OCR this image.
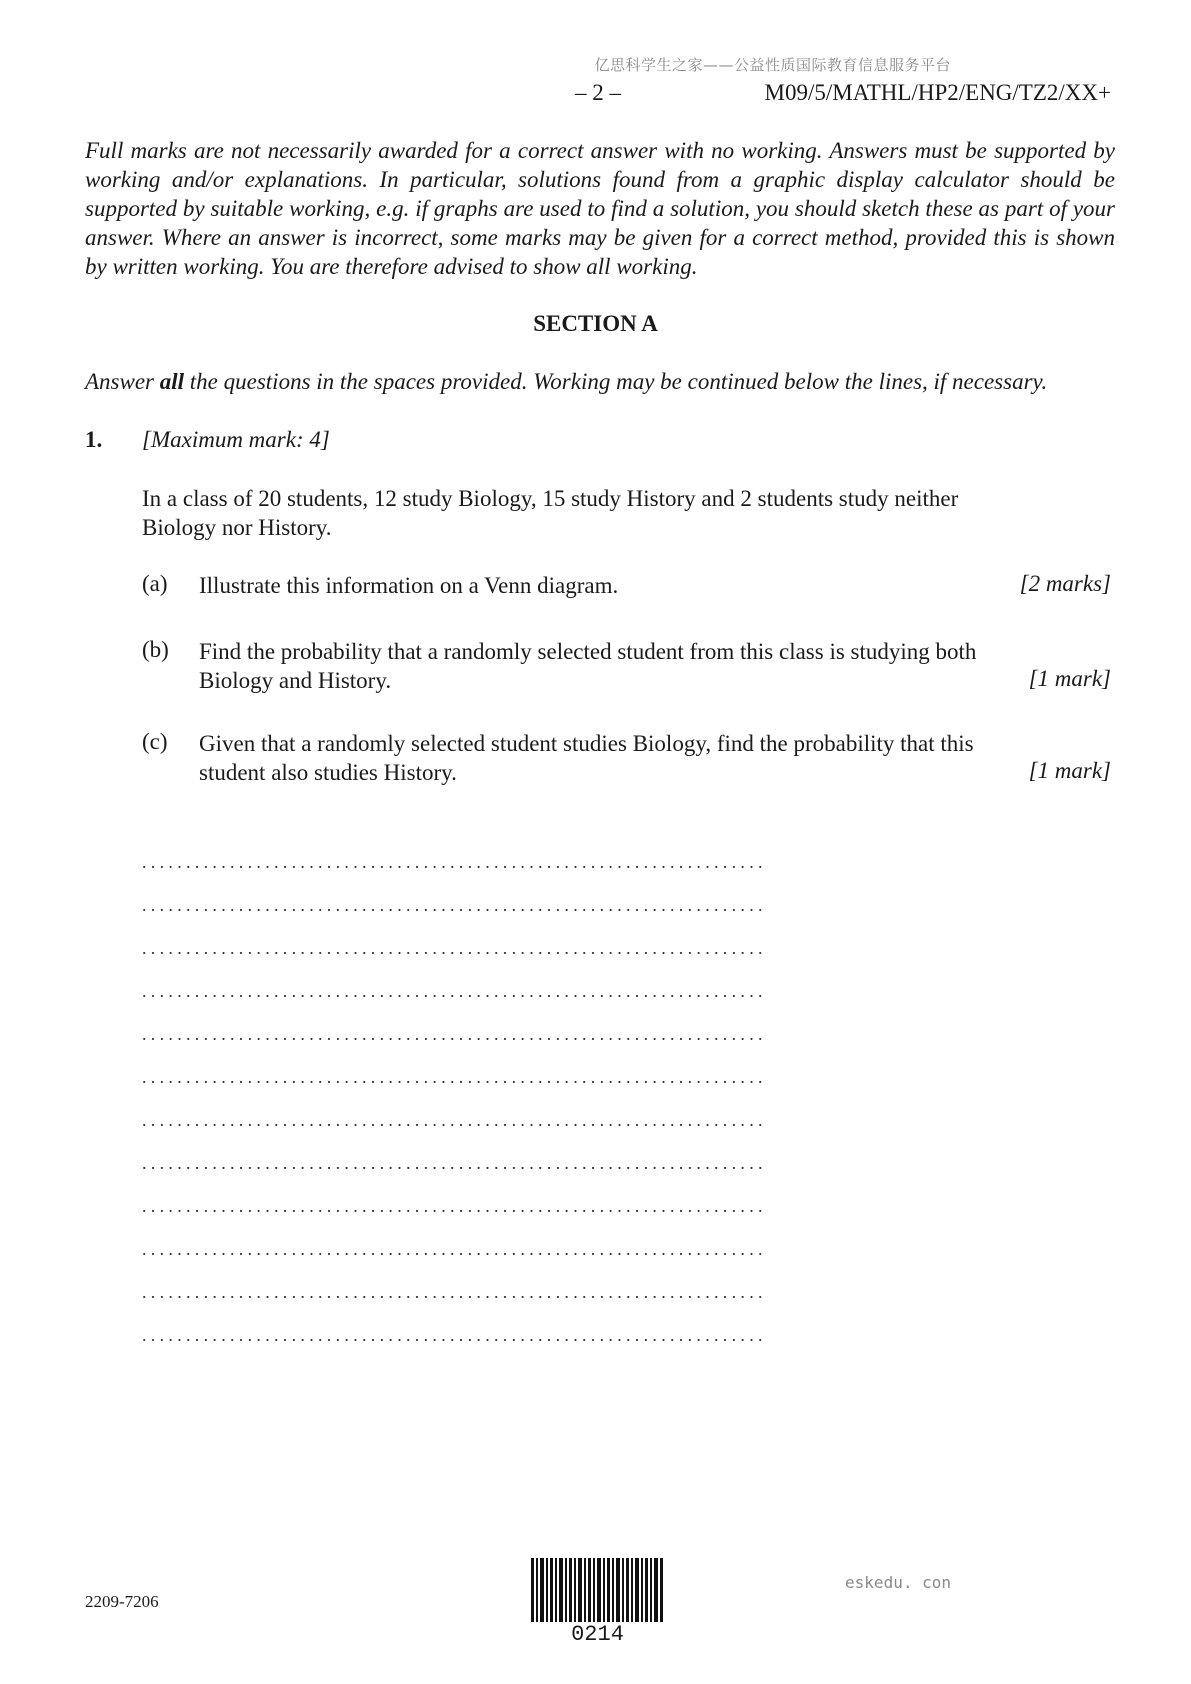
亿思科学生之家——公益性质国际教育信息服务平台
– 2 –	M09/5/MATHL/HP2/ENG/TZ2/XX+
Full marks are not necessarily awarded for a correct answer with no working. Answers must be supported by working and/or explanations. In particular, solutions found from a graphic display calculator should be supported by suitable working, e.g. if graphs are used to find a solution, you should sketch these as part of your answer. Where an answer is incorrect, some marks may be given for a correct method, provided this is shown by written working. You are therefore advised to show all working.
SECTION A
Answer all the questions in the spaces provided. Working may be continued below the lines, if necessary.
1. [Maximum mark: 4]
In a class of 20 students, 12 study Biology, 15 study History and 2 students study neither Biology nor History.
(a) Illustrate this information on a Venn diagram.	[2 marks]
(b) Find the probability that a randomly selected student from this class is studying both Biology and History.	[1 mark]
(c) Given that a randomly selected student studies Biology, find the probability that this student also studies History.	[1 mark]
.......................................................................
.......................................................................
.......................................................................
.......................................................................
.......................................................................
.......................................................................
.......................................................................
.......................................................................
.......................................................................
.......................................................................
.......................................................................
.......................................................................
2209-7206
0214
eskedu. con
